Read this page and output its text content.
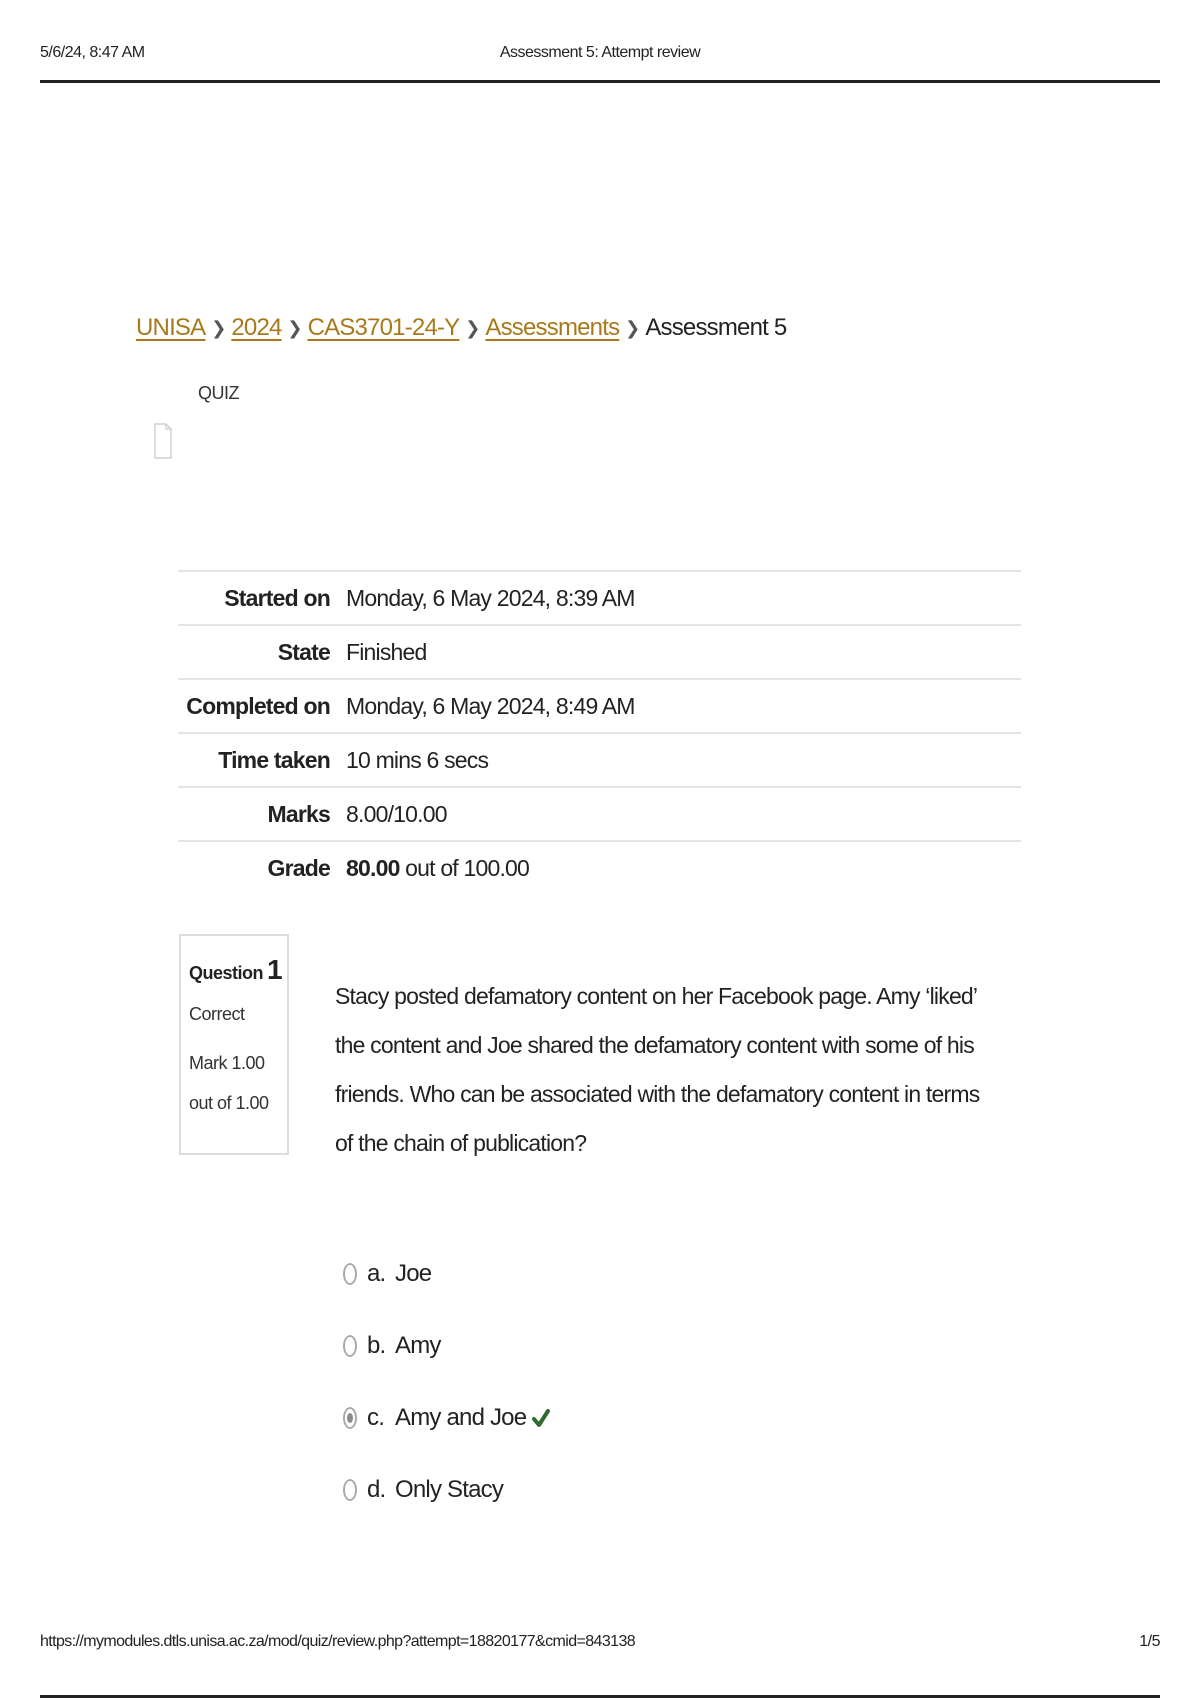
5/6/24, 8:47 AM	Assessment 5: Attempt review
UNISA ❯ 2024 ❯ CAS3701-24-Y ❯ Assessments ❯ Assessment 5
QUIZ
Started on	Monday, 6 May 2024, 8:39 AM
State	Finished
Completed on	Monday, 6 May 2024, 8:49 AM
Time taken	10 mins 6 secs
Marks	8.00/10.00
Grade	80.00 out of 100.00
Question 1
Correct
Mark 1.00 out of 1.00
Stacy posted defamatory content on her Facebook page. Amy ‘liked’ the content and Joe shared the defamatory content with some of his friends. Who can be associated with the defamatory content in terms of the chain of publication?
a. Joe
b. Amy
c. Amy and Joe
d. Only Stacy
https://mymodules.dtls.unisa.ac.za/mod/quiz/review.php?attempt=18820177&cmid=843138	1/5
